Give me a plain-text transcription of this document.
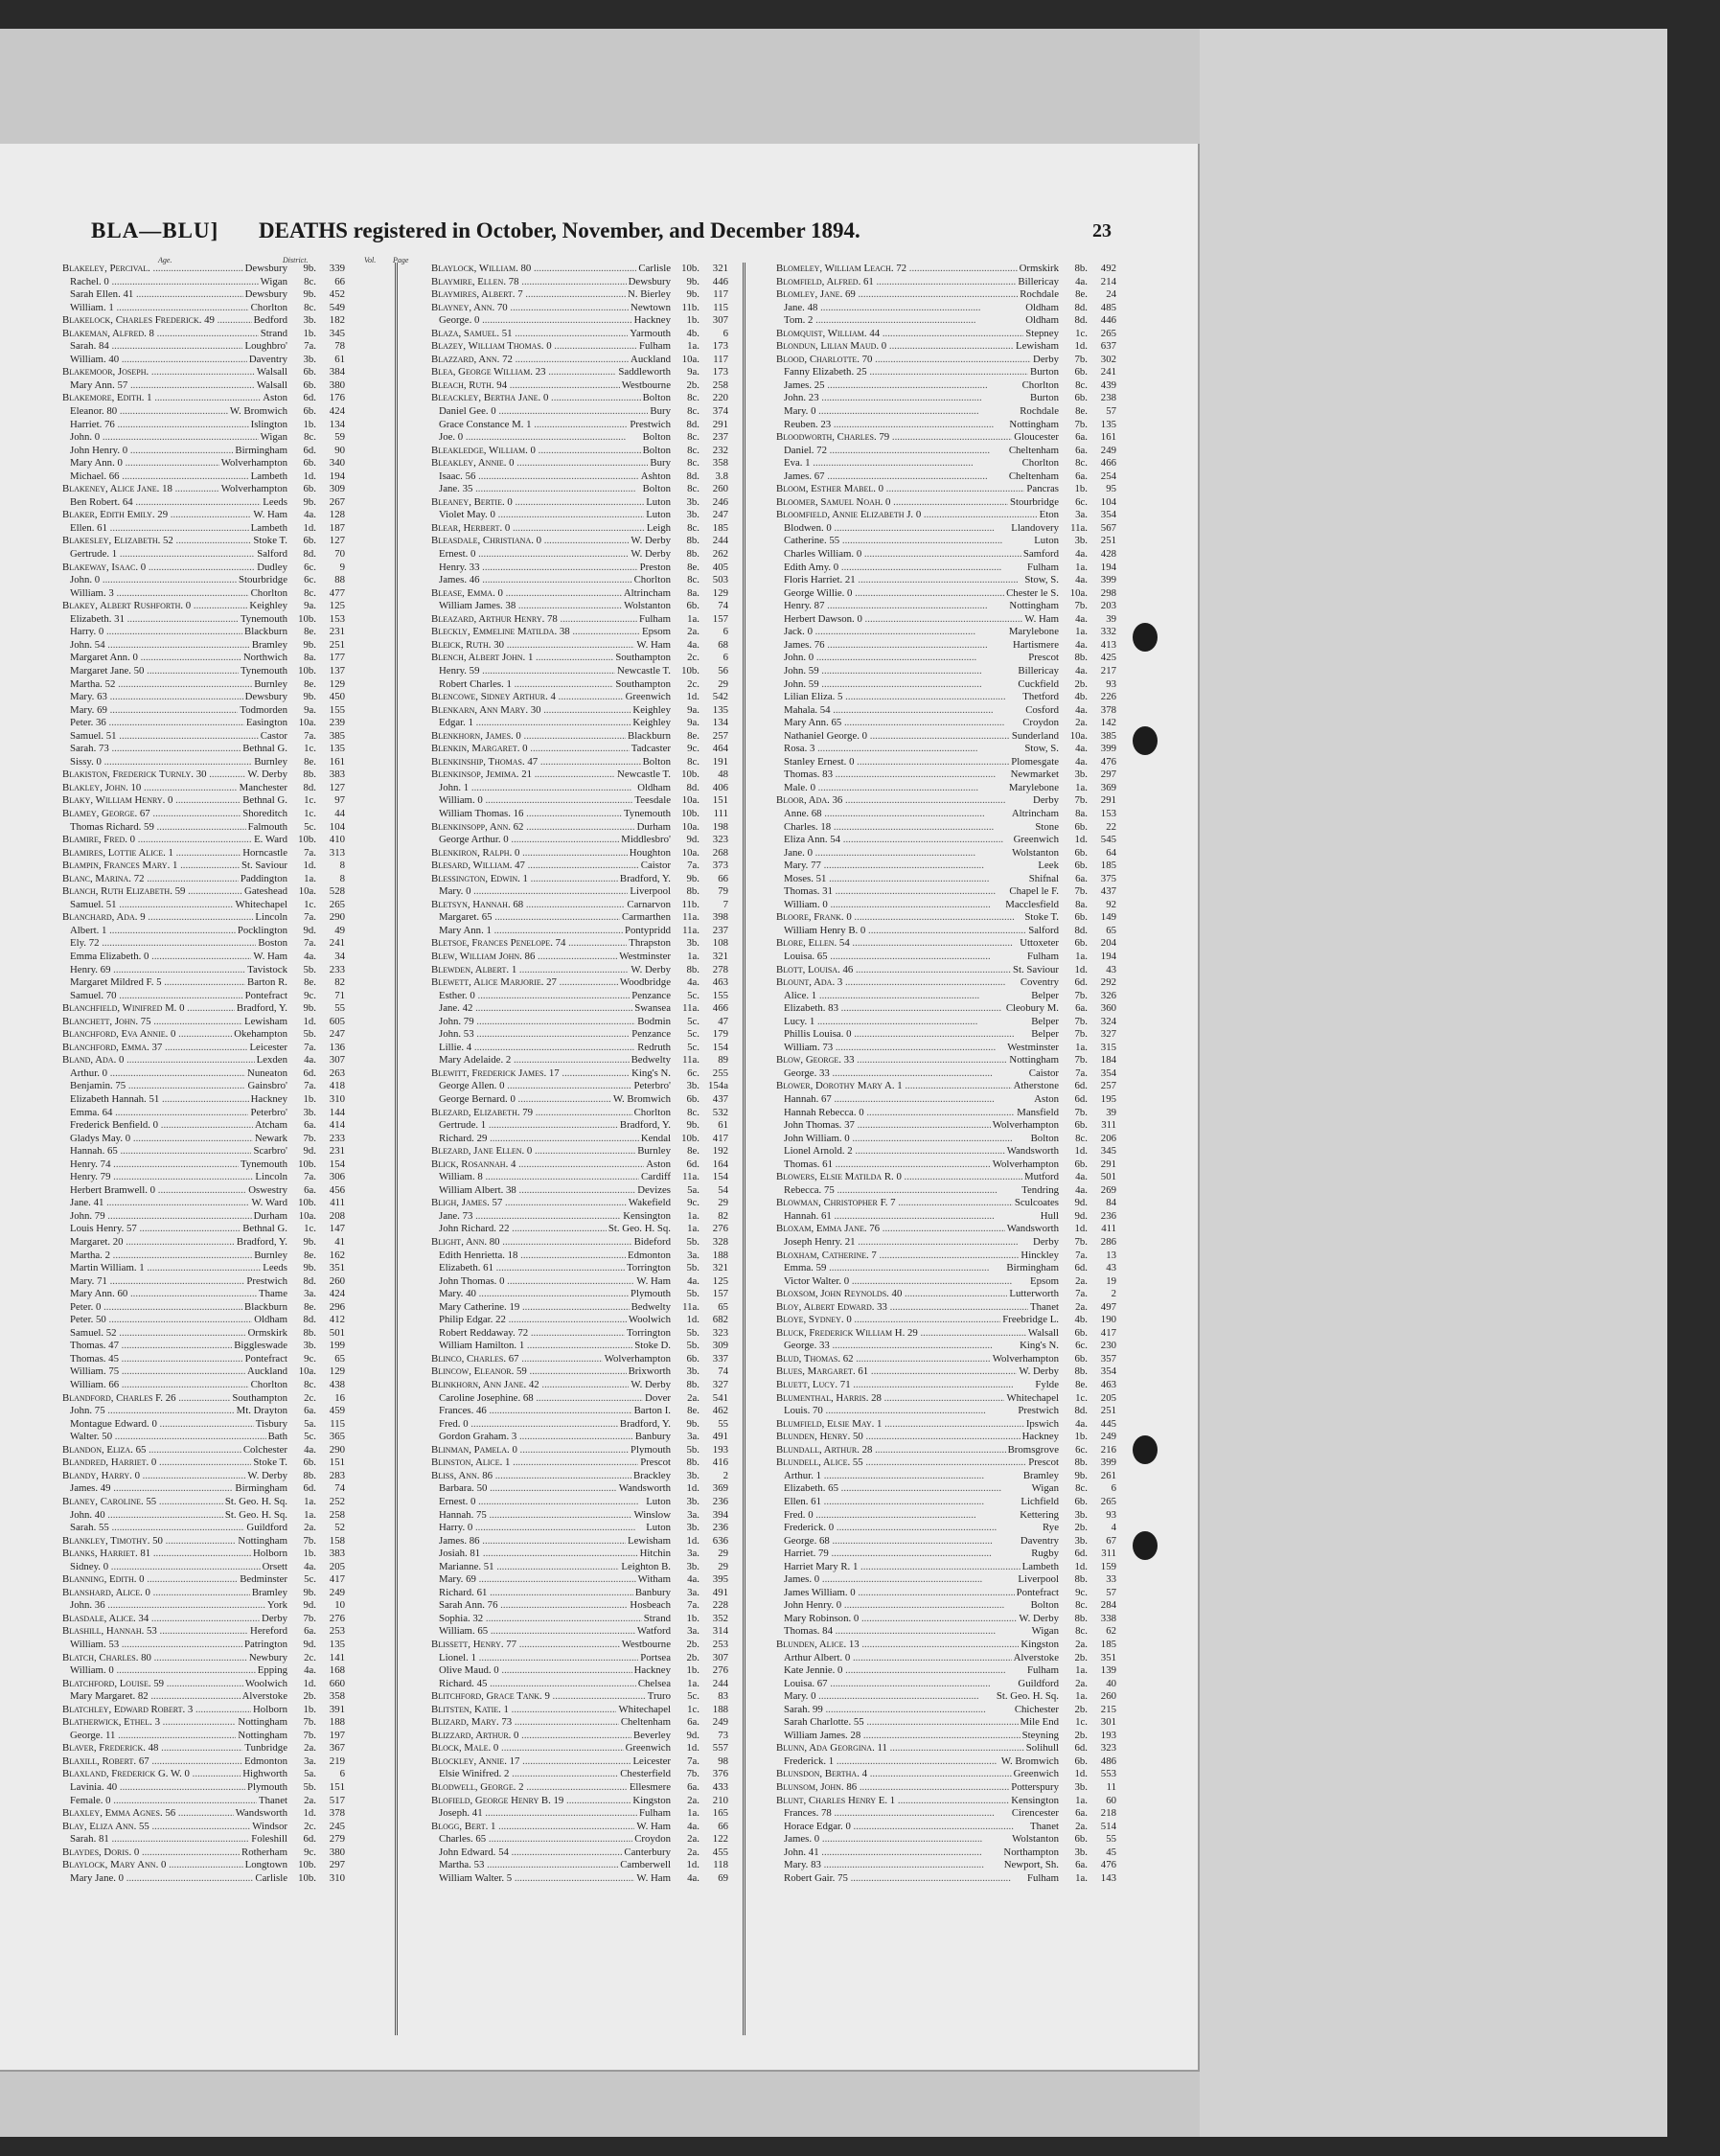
BLA—BLU] DEATHS registered in October, November, and December 1894.	23
Age.	District.	Vol. Page
Blakeley, Percival. .....	Dewsbury	9b.	339
Rachel. 0 .....	Wigan	8c.	66
Sarah Ellen. 41 .....	Dewsbury	9b.	452
William. 1 .....	Chorlton	8c.	549
Blakelock, Charles Frederick. 49 .....	Bedford	3b.	182
Blakeman, Alfred. 8 .....	Strand	1b.	345
Sarah. 84 .....	Loughbro'	7a.	78
William. 40 .....	Daventry	3b.	61
Blakemoor, Joseph. .....	Walsall	6b.	384
Mary Ann. 57 .....	Walsall	6b.	380
Blakemore, Edith. 1 .....	Aston	6d.	176
Eleanor. 80 .....	W. Bromwich	6b.	424
Harriet. 76 .....	Islington	1b.	134
John. 0 .....	Wigan	8c.	59
John Henry. 0 .....	Birmingham	6d.	90
Mary Ann. 0 .....	Wolverhampton	6b.	340
Michael. 66 .....	Lambeth	1d.	194
Blakeney, Alice Jane. 18 .....	Wolverhampton	6b.	309
Ben Robert. 64 .....	Leeds	9b.	267
Blaker, Edith Emily. 29 .....	W. Ham	4a.	128
Ellen. 61 .....	Lambeth	1d.	187
Blakesley, Elizabeth. 52 .....	Stoke T.	6b.	127
Gertrude. 1 .....	Salford	8d.	70
Blakeway, Isaac. 0 .....	Dudley	6c.	9
John. 0 .....	Stourbridge	6c.	88
William. 3 .....	Chorlton	8c.	477
Blakey, Albert Rushforth. 0 .....	Keighley	9a.	125
Elizabeth. 31 .....	Tynemouth	10b.	153
Harry. 0 .....	Blackburn	8e.	231
John. 54 .....	Bramley	9b.	251
Margaret Ann. 0 .....	Northwich	8a.	177
Margaret Jane. 50 .....	Tynemouth	10b.	137
Martha. 52 .....	Burnley	8e.	129
Mary. 63 .....	Dewsbury	9b.	450
Mary. 69 .....	Todmorden	9a.	155
Peter. 36 .....	Easington	10a.	239
Samuel. 51 .....	Castor	7a.	385
Sarah. 73 .....	Bethnal G.	1c.	135
Sissy. 0 .....	Burnley	8e.	161
Blakiston, Frederick Turnly. 30 .....	W. Derby	8b.	383
Blakley, John. 10 .....	Manchester	8d.	127
Blaky, William Henry. 0 .....	Bethnal G.	1c.	97
Blamey, George. 67 .....	Shoreditch	1c.	44
Thomas Richard. 59 .....	Falmouth	5c.	104
Blamire, Fred. 0 .....	E. Ward	10b.	410
Blamires, Lottie Alice. 1 .....	Horncastle	7a.	313
Blampin, Frances Mary. 1 .....	St. Saviour	1d.	8
Blanc, Marina. 72 .....	Paddington	1a.	8
Blanch, Ruth Elizabeth. 59 .....	Gateshead	10a.	528
Samuel. 51 .....	Whitechapel	1c.	265
Blanchard, Ada. 9 .....	Lincoln	7a.	290
Albert. 1 .....	Pocklington	9d.	49
Ely. 72 .....	Boston	7a.	241
Emma Elizabeth. 0 .....	W. Ham	4a.	34
Henry. 69 .....	Tavistock	5b.	233
Margaret Mildred F. 5 .....	Barton R.	8e.	82
Samuel. 70 .....	Pontefract	9c.	71
Blanchfield, Winifred M. 0 .....	Bradford, Y.	9b.	55
Blanchett, John. 75 .....	Lewisham	1d.	605
Blanchford, Eva Annie. 0 .....	Okehampton	5b.	247
Blanchford, Emma. 37 .....	Leicester	7a.	136
Bland, Ada. 0 .....	Lexden	4a.	307
Arthur. 0 .....	Nuneaton	6d.	263
Benjamin. 75 .....	Gainsbro'	7a.	418
Elizabeth Hannah. 51 .....	Hackney	1b.	310
Emma. 64 .....	Peterbro'	3b.	144
Frederick Benfield. 0 .....	Atcham	6a.	414
Gladys May. 0 .....	Newark	7b.	233
Hannah. 65 .....	Scarbro'	9d.	231
Henry. 74 .....	Tynemouth	10b.	154
Henry. 79 .....	Lincoln	7a.	306
Herbert Bramwell. 0 .....	Oswestry	6a.	456
Jane. 41 .....	W. Ward	10b.	411
John. 79 .....	Durham	10a.	208
Louis Henry. 57 .....	Bethnal G.	1c.	147
Margaret. 20 .....	Bradford, Y.	9b.	41
Martha. 2 .....	Burnley	8e.	162
Martin William. 1 .....	Leeds	9b.	351
Mary. 71 .....	Prestwich	8d.	260
Mary Ann. 60 .....	Thame	3a.	424
Peter. 0 .....	Blackburn	8e.	296
Peter. 50 .....	Oldham	8d.	412
Samuel. 52 .....	Ormskirk	8b.	501
Thomas. 47 .....	Biggleswade	3b.	199
Thomas. 45 .....	Pontefract	9c.	65
William. 75 .....	Auckland	10a.	129
William. 66 .....	Chorlton	8c.	438
Blandford, Charles F. 26 .....	Southampton	2c.	16
John. 75 .....	Mt. Drayton	6a.	459
Montague Edward. 0 .....	Tisbury	5a.	115
Walter. 50 .....	Bath	5c.	365
Blandon, Eliza. 65 .....	Colchester	4a.	290
Blandred, Harriet. 0 .....	Stoke T.	6b.	151
Blandy, Harry. 0 .....	W. Derby	8b.	283
James. 49 .....	Birmingham	6d.	74
Blaney, Caroline. 55 .....	St. Geo. H. Sq.	1a.	252
John. 40 .....	St. Geo. H. Sq.	1a.	258
Sarah. 55 .....	Guildford	2a.	52
Blankley, Timothy. 50 .....	Nottingham	7b.	158
Blanks, Harriet. 81 .....	Holborn	1b.	383
Sidney. 0 .....	Orsett	4a.	205
Blanning, Edith. 0 .....	Bedminster	5c.	417
Blanshard, Alice. 0 .....	Bramley	9b.	249
John. 36 .....	York	9d.	10
Blasdale, Alice. 34 .....	Derby	7b.	276
Blashill, Hannah. 53 .....	Hereford	6a.	253
William. 53 .....	Patrington	9d.	135
Blatch, Charles. 80 .....	Newbury	2c.	141
William. 0 .....	Epping	4a.	168
Blatchford, Louise. 59 .....	Woolwich	1d.	660
Mary Margaret. 82 .....	Alverstoke	2b.	358
Blatchley, Edward Robert. 3 .....	Holborn	1b.	391
Blatherwick, Ethel. 3 .....	Nottingham	7b.	188
George. 11 .....	Nottingham	7b.	197
Blaver, Frederick. 48 .....	Tunbridge	2a.	367
Blaxill, Robert. 67 .....	Edmonton	3a.	219
Blaxland, Frederick G. W. 0 .....	Highworth	5a.	6
Lavinia. 40 .....	Plymouth	5b.	151
Female. 0 .....	Thanet	2a.	517
Blaxley, Emma Agnes. 56 .....	Wandsworth	1d.	378
Blay, Eliza Ann. 55 .....	Windsor	2c.	245
Sarah. 81 .....	Foleshill	6d.	279
Blaydes, Doris. 0 .....	Rotherham	9c.	380
Blaylock, Mary Ann. 0 .....	Longtown	10b.	297
Mary Jane. 0 .....	Carlisle	10b.	310
Blaylock, William. 80 .....	Carlisle	10b.	321
Blaymire, Ellen. 78 .....	Dewsbury	9b.	446
Blaymires, Albert. 7 .....	N. Bierley	9b.	117
Blayney, Ann. 70 .....	Newtown	11b.	115
George. 0 .....	Hackney	1b.	307
Blaza, Samuel. 51 .....	Yarmouth	4b.	6
Blazey, William Thomas. 0 .....	Fulham	1a.	173
Blazzard, Ann. 72 .....	Auckland	10a.	117
Blea, George William. 23 .....	Saddleworth	9a.	173
Bleach, Ruth. 94 .....	Westbourne	2b.	258
Bleackley, Bertha Jane. 0 .....	Bolton	8c.	220
Daniel Gee. 0 .....	Bury	8c.	374
Grace Constance M. 1 .....	Prestwich	8d.	291
Joe. 0 .....	Bolton	8c.	237
Bleakledge, William. 0 .....	Bolton	8c.	232
Bleakley, Annie. 0 .....	Bury	8c.	358
Isaac. 56 .....	Ashton	8d.	3.8
Jane. 35 .....	Bolton	8c.	260
Bleaney, Bertie. 0 .....	Luton	3b.	246
Violet May. 0 .....	Luton	3b.	247
Blear, Herbert. 0 .....	Leigh	8c.	185
Bleasdale, Christiana. 0 .....	W. Derby	8b.	244
Ernest. 0 .....	W. Derby	8b.	262
Henry. 33 .....	Preston	8e.	405
James. 46 .....	Chorlton	8c.	503
Blease, Emma. 0 .....	Altrincham	8a.	129
William James. 38 .....	Wolstanton	6b.	74
Bleazard, Arthur Henry. 78 .....	Fulham	1a.	157
Bleckly, Emmeline Matilda. 38 .....	Epsom	2a.	6
Bleick, Ruth. 30 .....	W. Ham	4a.	68
Blench, Albert John. 1 .....	Southampton	2c.	6
Henry. 59 .....	Newcastle T.	10b.	56
Robert Charles. 1 .....	Southampton	2c.	29
Blencowe, Sidney Arthur. 4 .....	Greenwich	1d.	542
Blenkarn, Ann Mary. 30 .....	Keighley	9a.	135
Edgar. 1 .....	Keighley	9a.	134
Blenkhorn, James. 0 .....	Blackburn	8e.	257
Blenkin, Margaret. 0 .....	Tadcaster	9c.	464
Blenkinship, Thomas. 47 .....	Bolton	8c.	191
Blenkinsop, Jemima. 21 .....	Newcastle T.	10b.	48
John. 1 .....	Oldham	8d.	406
William. 0 .....	Teesdale	10a.	151
William Thomas. 16 .....	Tynemouth	10b.	111
Blenkinsopp, Ann. 62 .....	Durham	10a.	198
George Arthur. 0 .....	Middlesbro'	9d.	323
Blenkiron, Ralph. 0 .....	Houghton	10a.	268
Blesard, William. 47 .....	Caistor	7a.	373
Blessington, Edwin. 1 .....	Bradford, Y.	9b.	66
Mary. 0 .....	Liverpool	8b.	79
Bletsyn, Hannah. 68 .....	Carnarvon	11b.	7
Margaret. 65 .....	Carmarthen	11a.	398
Mary Ann. 1 .....	Pontypridd	11a.	237
Bletsoe, Frances Penelope. 74 .....	Thrapston	3b.	108
Blew, William John. 86 .....	Westminster	1a.	321
Blewden, Albert. 1 .....	W. Derby	8b.	278
Blewett, Alice Marjorie. 27 .....	Woodbridge	4a.	463
Esther. 0 .....	Penzance	5c.	155
Jane. 42 .....	Swansea	11a.	466
John. 79 .....	Bodmin	5c.	47
John. 53 .....	Penzance	5c.	179
Lillie. 4 .....	Redruth	5c.	154
Mary Adelaide. 2 .....	Bedwelty	11a.	89
Blewitt, Frederick James. 17 .....	King's N.	6c.	255
George Allen. 0 .....	Peterbro'	3b. 154a
George Bernard. 0 .....	W. Bromwich	6b.	437
Blezard, Elizabeth. 79 .....	Chorlton	8c.	532
Gertrude. 1 .....	Bradford, Y.	9b.	61
Richard. 29 .....	Kendal	10b.	417
Blezard, Jane Ellen. 0 .....	Burnley	8e.	192
Blick, Rosannah. 4 .....	Aston	6d.	164
William. 8 .....	Cardiff	11a.	154
William Albert. 38 .....	Devizes	5a.	54
Bligh, James. 57 .....	Wakefield	9c.	29
Jane. 73 .....	Kensington	1a.	82
John Richard. 22 .....	St. Geo. H. Sq.	1a.	276
Blight, Ann. 80 .....	Bideford	5b.	328
Edith Henrietta. 18 .....	Edmonton	3a.	188
Elizabeth. 61 .....	Torrington	5b.	321
John Thomas. 0 .....	W. Ham	4a.	125
Mary. 40 .....	Plymouth	5b.	157
Mary Catherine. 19 .....	Bedwelty	11a.	65
Philip Edgar. 22 .....	Woolwich	1d.	682
Robert Reddaway. 72 .....	Torrington	5b.	323
William Hamilton. 1 .....	Stoke D.	5b.	309
Blinco, Charles. 67 .....	Wolverhampton	6b.	337
Blincow, Eleanor. 59 .....	Brixworth	3b.	74
Blinkhorn, Ann Jane. 42 .....	W. Derby	8b.	327
Caroline Josephine. 68 .....	Dover	2a.	541
Frances. 46 .....	Barton I.	8e.	462
Fred. 0 .....	Bradford, Y.	9b.	55
Gordon Graham. 3 .....	Banbury	3a.	491
Blinman, Pamela. 0 .....	Plymouth	5b.	193
Blinston, Alice. 1 .....	Prescot	8b.	416
Bliss, Ann. 86 .....	Brackley	3b.	2
Barbara. 50 .....	Wandsworth	1d.	369
Ernest. 0 .....	Luton	3b.	236
Hannah. 75 .....	Winslow	3a.	394
Harry. 0 .....	Luton	3b.	236
James. 86 .....	Lewisham	1d.	636
Josiah. 81 .....	Hitchin	3a.	29
Marianne. 51 .....	Leighton B.	3b.	29
Mary. 69 .....	Witham	4a.	395
Richard. 61 .....	Banbury	3a.	491
Sarah Ann. 76 .....	Hosbeach	7a.	228
Sophia. 32 .....	Strand	1b.	352
William. 65 .....	Watford	3a.	314
Blissett, Henry. 77 .....	Westbourne	2b.	253
Lionel. 1 .....	Portsea	2b.	307
Olive Maud. 0 .....	Hackney	1b.	276
Richard. 45 .....	Chelsea	1a.	244
Blitchford, Grace Tank. 9 .....	Truro	5c.	83
Blitsten, Katie. 1 .....	Whitechapel	1c.	188
Blizard, Mary. 73 .....	Cheltenham	6a.	249
Blizzard, Arthur. 0 .....	Beverley	9d.	73
Block, Male. 0 .....	Greenwich	1d.	557
Blockley, Annie. 17 .....	Leicester	7a.	98
Elsie Winifred. 2 .....	Chesterfield	7b.	376
Blodwell, George. 2 .....	Ellesmere	6a.	433
Blofield, George Henry B. 19 .....	Kingston	2a.	210
Joseph. 41 .....	Fulham	1a.	165
Blogg, Bert. 1 .....	W. Ham	4a.	66
Charles. 65 .....	Croydon	2a.	122
John Edward. 54 .....	Canterbury	2a.	455
Martha. 53 .....	Camberwell	1d.	118
William Walter. 5 .....	W. Ham	4a.	69
Blomeley, William Leach. 72 .....	Ormskirk	8b.	492
Blomfield, Alfred. 61 .....	Billericay	4a.	214
Blomley, Jane. 69 .....	Rochdale	8e.	24
Jane. 48 .....	Oldham	8d.	485
Tom. 2 .....	Oldham	8d.	446
Blomquist, William. 44 .....	Stepney	1c.	265
Blondun, Lilian Maud. 0 .....	Lewisham	1d.	637
Blood, Charlotte. 70 .....	Derby	7b.	302
Fanny Elizabeth. 25 .....	Burton	6b.	241
James. 25 .....	Chorlton	8c.	439
John. 23 .....	Burton	6b.	238
Mary. 0 .....	Rochdale	8e.	57
Reuben. 23 .....	Nottingham	7b.	135
Bloodworth, Charles. 79 .....	Gloucester	6a.	161
Daniel. 72 .....	Cheltenham	6a.	249
Eva. 1 .....	Chorlton	8c.	466
James. 67 .....	Cheltenham	6a.	254
Bloom, Esther Mabel. 0 .....	Pancras	1b.	95
Bloomer, Samuel Noah. 0 .....	Stourbridge	6c.	104
Bloomfield, Annie Elizabeth J. 0 .....	Eton	3a.	354
Blodwen. 0 .....	Llandovery	11a.	567
Catherine. 55 .....	Luton	3b.	251
Charles William. 0 .....	Samford	4a.	428
Edith Amy. 0 .....	Fulham	1a.	194
Floris Harriet. 21 .....	Stow, S.	4a.	399
George Willie. 0 .....	Chester le S.	10a.	298
Henry. 87 .....	Nottingham	7b.	203
Herbert Dawson. 0 .....	W. Ham	4a.	39
Jack. 0 .....	Marylebone	1a.	332
James. 76 .....	Hartismere	4a.	413
John. 0 .....	Prescot	8b.	425
John. 59 .....	Billericay	4a.	217
John. 59 .....	Cuckfield	2b.	93
Lilian Eliza. 5 .....	Thetford	4b.	226
Mahala. 54 .....	Cosford	4a.	378
Mary Ann. 65 .....	Croydon	2a.	142
Nathaniel George. 0 .....	Sunderland	10a.	385
Rosa. 3 .....	Stow, S.	4a.	399
Stanley Ernest. 0 .....	Plomesgate	4a.	476
Thomas. 83 .....	Newmarket	3b.	297
Male. 0 .....	Marylebone	1a.	369
Bloor, Ada. 36 .....	Derby	7b.	291
Anne. 68 .....	Altrincham	8a.	153
Charles. 18 .....	Stone	6b.	22
Eliza Ann. 54 .....	Greenwich	1d.	545
Jane. 0 .....	Wolstanton	6b.	64
Mary. 77 .....	Leek	6b.	185
Moses. 51 .....	Shifnal	6a.	375
Thomas. 31 .....	Chapel le F.	7b.	437
William. 0 .....	Macclesfield	8a.	92
Bloore, Frank. 0 .....	Stoke T.	6b.	149
William Henry B. 0 .....	Salford	8d.	65
Blore, Ellen. 54 .....	Uttoxeter	6b.	204
Louisa. 65 .....	Fulham	1a.	194
Blott, Louisa. 46 .....	St. Saviour	1d.	43
Blount, Ada. 3 .....	Coventry	6d.	292
Alice. 1 .....	Belper	7b.	326
Elizabeth. 83 .....	Cleobury M.	6a.	360
Lucy. 1 .....	Belper	7b.	324
Phillis Louisa. 0 .....	Belper	7b.	327
William. 73 .....	Westminster	1a.	315
Blow, George. 33 .....	Nottingham	7b.	184
George. 33 .....	Caistor	7a.	354
Blower, Dorothy Mary A. 1 .....	Atherstone	6d.	257
Hannah. 67 .....	Aston	6d.	195
Hannah Rebecca. 0 .....	Mansfield	7b.	39
John Thomas. 37 .....	Wolverhampton	6b.	311
John William. 0 .....	Bolton	8c.	206
Lionel Arnold. 2 .....	Wandsworth	1d.	345
Thomas. 61 .....	Wolverhampton	6b.	291
Blowers, Elsie Matilda R. 0 .....	Mutford	4a.	501
Rebecca. 75 .....	Tendring	4a.	269
Blowman, Christopher F. 7 .....	Sculcoates	9d.	84
Hannah. 61 .....	Hull	9d.	236
Bloxam, Emma Jane. 76 .....	Wandsworth	1d.	411
Joseph Henry. 21 .....	Derby	7b.	286
Bloxham, Catherine. 7 .....	Hinckley	7a.	13
Emma. 59 .....	Birmingham	6d.	43
Victor Walter. 0 .....	Epsom	2a.	19
Bloxsom, John Reynolds. 40 .....	Lutterworth	7a.	2
Bloy, Albert Edward. 33 .....	Thanet	2a.	497
Bloye, Sydney. 0 .....	Freebridge L.	4b.	190
Bluck, Frederick William H. 29 .....	Walsall	6b.	417
George. 33 .....	King's N.	6c.	230
Blud, Thomas. 62 .....	Wolverhampton	6b.	357
Blues, Margaret. 61 .....	W. Derby	8b.	354
Bluett, Lucy. 71 .....	Fylde	8e.	463
Blumenthal, Harris. 28 .....	Whitechapel	1c.	205
Louis. 70 .....	Prestwich	8d.	251
Blumfield, Elsie May. 1 .....	Ipswich	4a.	445
Blunden, Henry. 50 .....	Hackney	1b.	249
Blundall, Arthur. 28 .....	Bromsgrove	6c.	216
Blundell, Alice. 55 .....	Prescot	8b.	399
Arthur. 1 .....	Bramley	9b.	261
Elizabeth. 65 .....	Wigan	8c.	6
Ellen. 61 .....	Lichfield	6b.	265
Fred. 0 .....	Kettering	3b.	93
Frederick. 0 .....	Rye	2b.	4
George. 68 .....	Daventry	3b.	67
Harriet. 79 .....	Rugby	6d.	311
Harriet Mary R. 1 .....	Lambeth	1d.	159
James. 0 .....	Liverpool	8b.	33
James William. 0 .....	Pontefract	9c.	57
John Henry. 0 .....	Bolton	8c.	284
Mary Robinson. 0 .....	W. Derby	8b.	338
Thomas. 84 .....	Wigan	8c.	62
Blunden, Alice. 13 .....	Kingston	2a.	185
Arthur Albert. 0 .....	Alverstoke	2b.	351
Kate Jennie. 0 .....	Fulham	1a.	139
Louisa. 67 .....	Guildford	2a.	40
Mary. 0 .....	St. Geo. H. Sq.	1a.	260
Sarah. 99 .....	Chichester	2b.	215
Sarah Charlotte. 55 .....	Mile End	1c.	301
William James. 28 .....	Steyning	2b.	193
Blunn, Ada Georgina. 11 .....	Solihull	6d.	323
Frederick. 1 .....	W. Bromwich	6b.	486
Blunsdon, Bertha. 4 .....	Greenwich	1d.	553
Blunsom, John. 86 .....	Potterspury	3b.	11
Blunt, Charles Henry E. 1 .....	Kensington	1a.	60
Frances. 78 .....	Cirencester	6a.	218
Horace Edgar. 0 .....	Thanet	2a.	514
James. 0 .....	Wolstanton	6b.	55
John. 41 .....	Northampton	3b.	45
Mary. 83 .....	Newport, Sh.	6a.	476
Robert Gair. 75 .....	Fulham	1a.	143
